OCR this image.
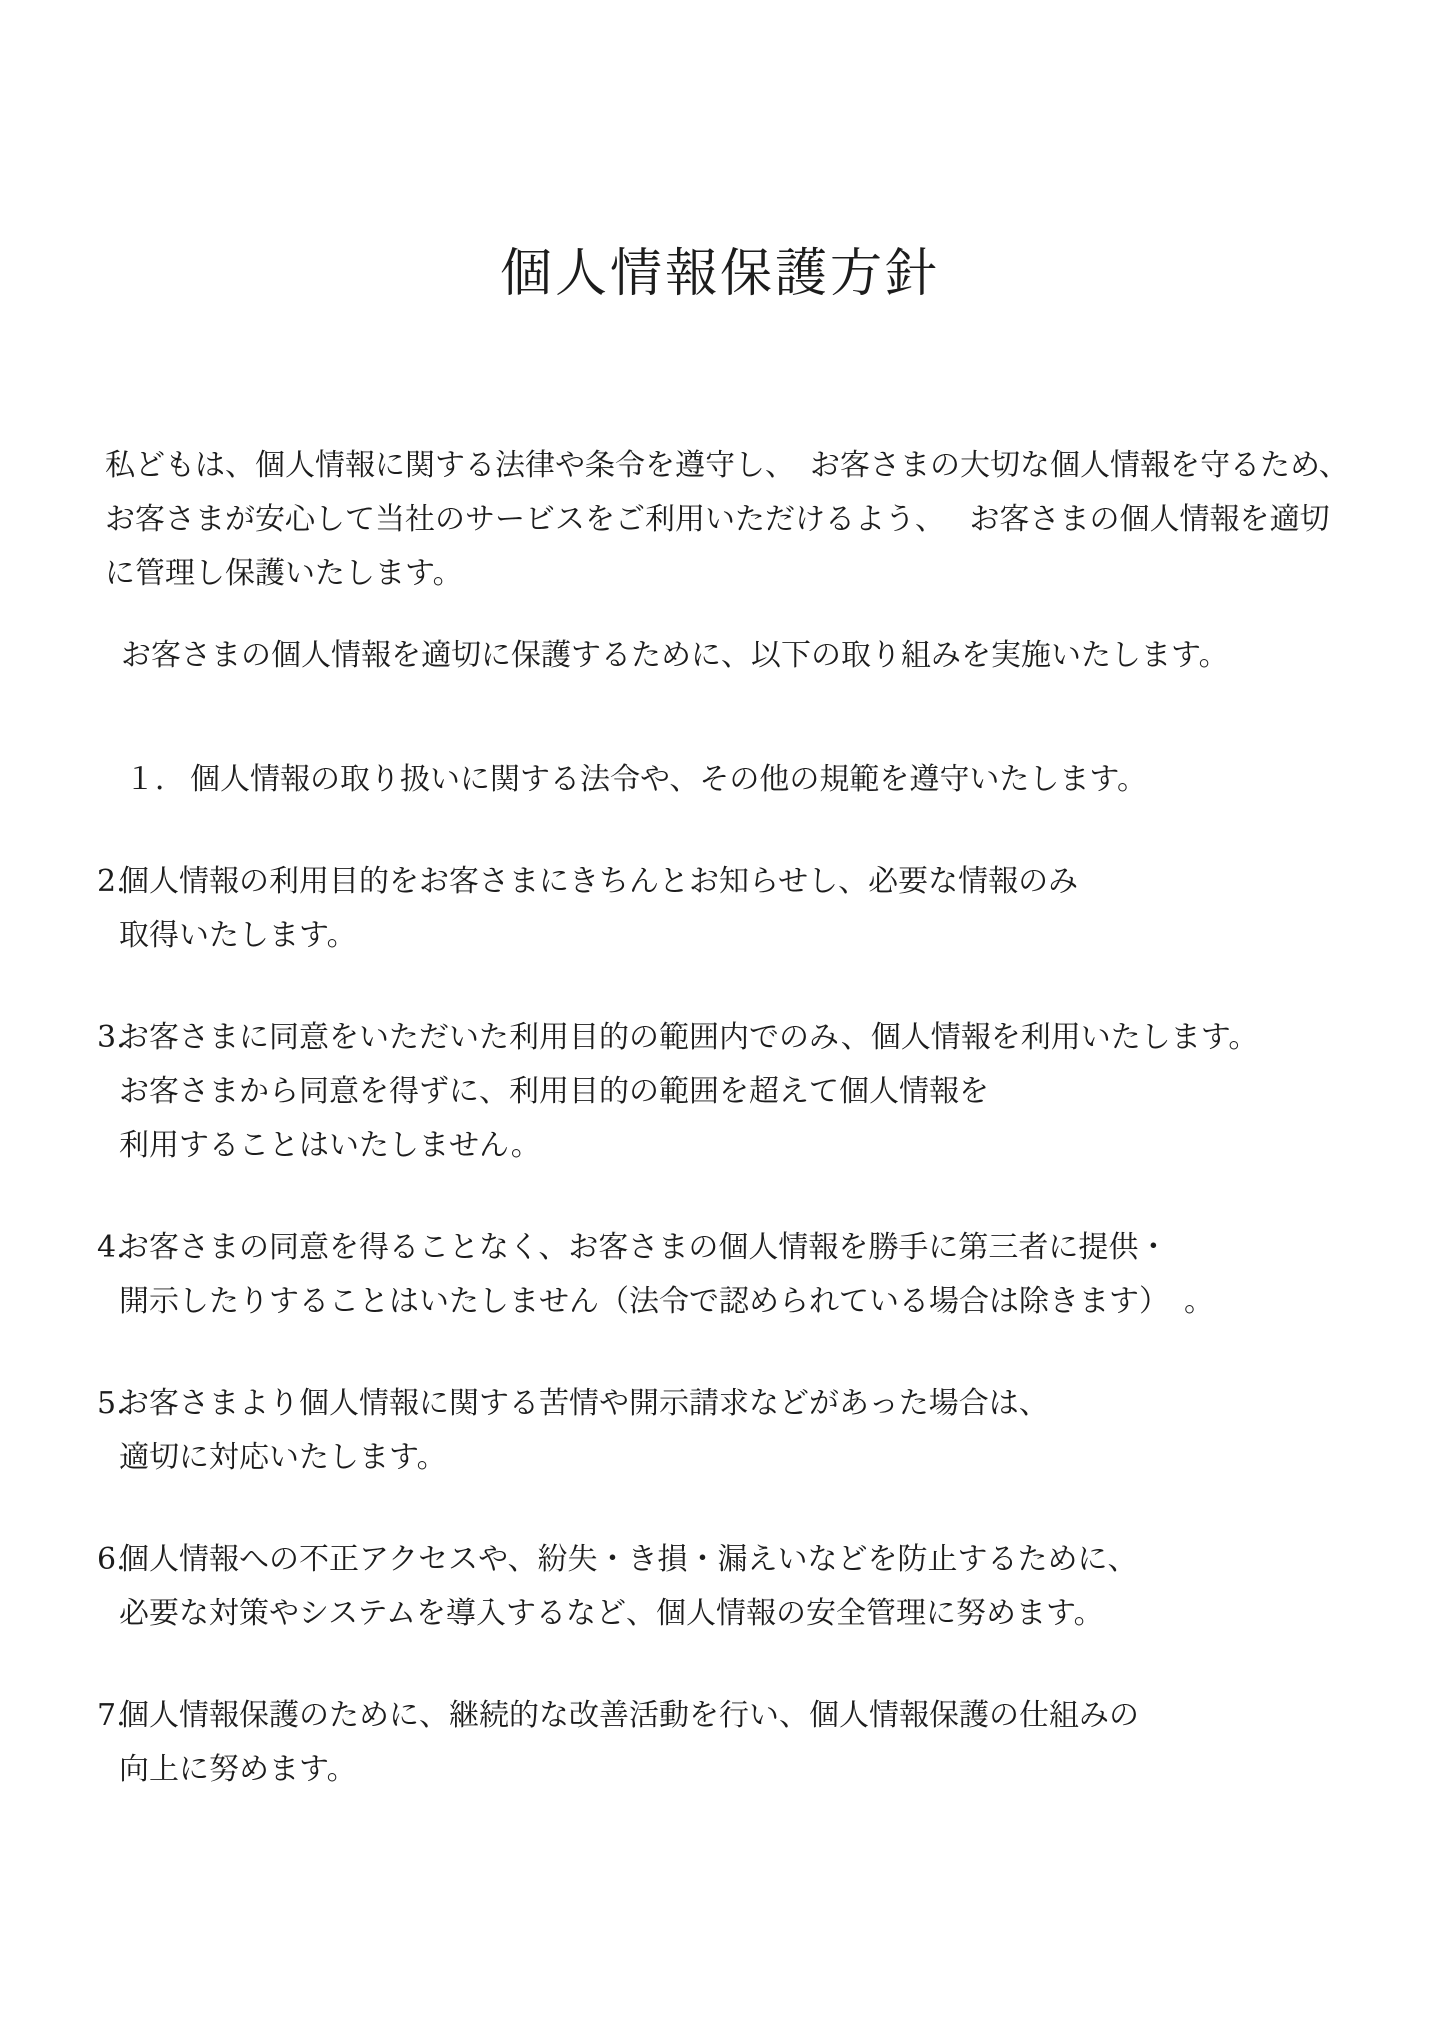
個人情報保護方針
私どもは、個人情報に関する法律や条令を遵守し、　お客さまの大切な個人情報を守るため、
お客さまが安心して当社のサービスをご利用いただけるよう、　 お客さまの個人情報を適切
に管理し保護いたします。
お客さまの個人情報を適切に保護するために、以下の取り組みを実施いたします。
１． 個人情報の取り扱いに関する法令や、その他の規範を遵守いたします。
2.
個人情報の利用目的をお客さまにきちんとお知らせし、必要な情報のみ
取得いたします。
3.
お客さまに同意をいただいた利用目的の範囲内でのみ、個人情報を利用いたします。
お客さまから同意を得ずに、利用目的の範囲を超えて個人情報を
利用することはいたしません。
4.
お客さまの同意を得ることなく、お客さまの個人情報を勝手に第三者に提供・
開示したりすることはいたしません（法令で認められている場合は除きます）　。
5.
お客さまより個人情報に関する苦情や開示請求などがあった場合は、
適切に対応いたします。
6.
個人情報への不正アクセスや、紛失・き損・漏えいなどを防止するために、
必要な対策やシステムを導入するなど、個人情報の安全管理に努めます。
7.
個人情報保護のために、継続的な改善活動を行い、個人情報保護の仕組みの
向上に努めます。
